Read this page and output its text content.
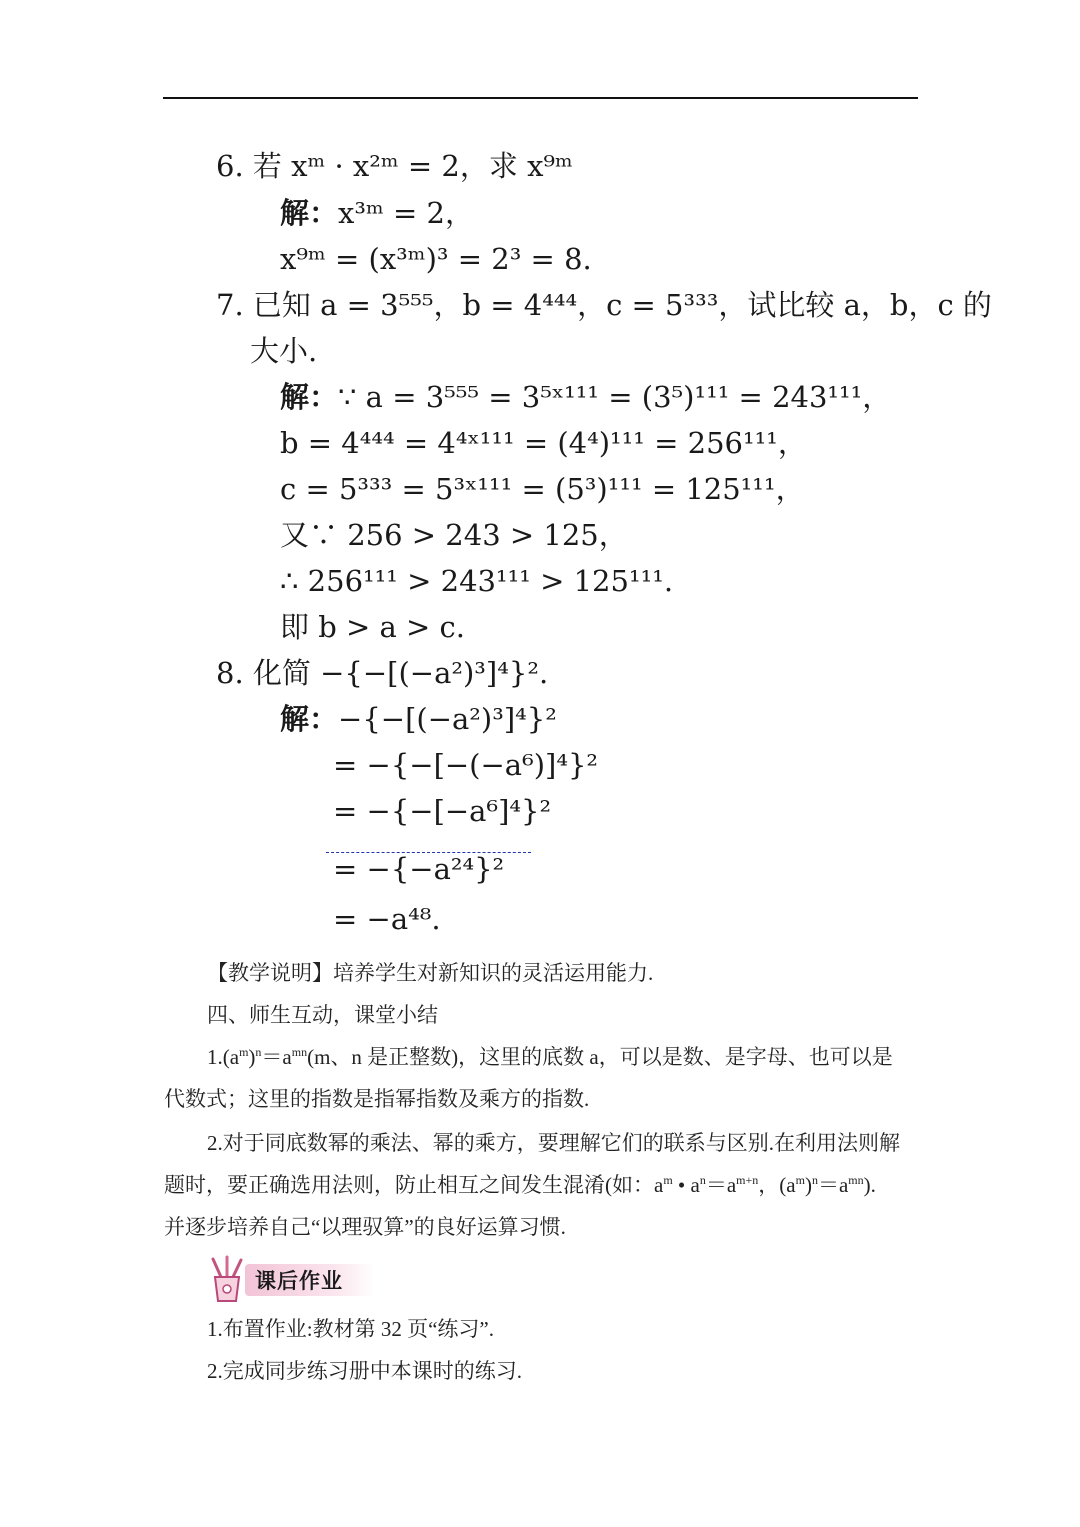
6. 若 xᵐ · x²ᵐ = 2，求 x⁹ᵐ
解：x³ᵐ = 2，
x⁹ᵐ = (x³ᵐ)³ = 2³ = 8.
7. 已知 a = 3⁵⁵⁵，b = 4⁴⁴⁴，c = 5³³³，试比较 a，b，c 的
大小.
解：∵ a = 3⁵⁵⁵ = 3⁵ˣ¹¹¹ = (3⁵)¹¹¹ = 243¹¹¹，
b = 4⁴⁴⁴ = 4⁴ˣ¹¹¹ = (4⁴)¹¹¹ = 256¹¹¹，
c = 5³³³ = 5³ˣ¹¹¹ = (5³)¹¹¹ = 125¹¹¹，
又∵ 256 > 243 > 125，
∴ 256¹¹¹ > 243¹¹¹ > 125¹¹¹.
即 b > a > c.
8. 化简 −{−[(−a²)³]⁴}².
解：−{−[(−a²)³]⁴}²
= −{−[−(−a⁶)]⁴}²
= −{−[−a⁶]⁴}²
= −{−a²⁴}²
= −a⁴⁸.
【教学说明】培养学生对新知识的灵活运用能力.
四、师生互动，课堂小结
$1.(a^m)^n=a^{mn}(m$、n 是正整数)，这里的底数 a，可以是数、是字母、也可以是
代数式；这里的指数是指幂指数及乘方的指数.
2.对于同底数幂的乘法、幂的乘方，要理解它们的联系与区别.在利用法则解
题时，要正确选用法则，防止相互之间发生混淆(如：$a^m$ • $a^n=a^{m+n}$，$(a^m)^n=a^{mn}$).
并逐步培养自己“以理驭算”的良好运算习惯.
课后作业
1.布置作业:教材第 32 页“练习”.
2.完成同步练习册中本课时的练习.
